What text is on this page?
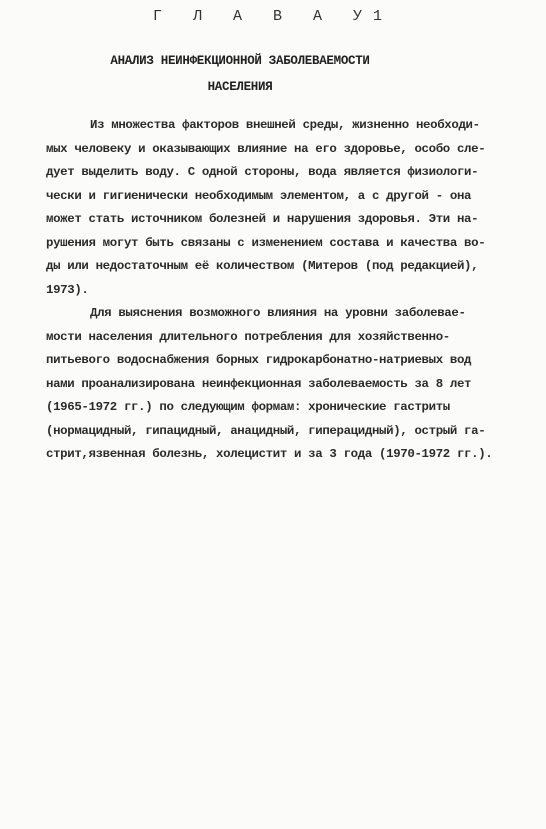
Г Л А В А У1
АНАЛИЗ НЕИНФЕКЦИОННОЙ ЗАБОЛЕВАЕМОСТИ
НАСЕЛЕНИЯ
Из множества факторов внешней среды, жизненно необходи-
мых человеку и оказывающих влияние на его здоровье, особо сле-
дует выделить воду. С одной стороны, вода является физиологи-
чески и гигиенически необходимым элементом, а с другой - она
может стать источником болезней и нарушения здоровья. Эти на-
рушения могут быть связаны с изменением состава и качества во-
ды или недостаточным её количеством (Митеров (под редакцией),
1973).
Для выяснения возможного влияния на уровни заболевае-
мости населения длительного потребления для хозяйственно-
питьевого водоснабжения борных гидрокарбонатно-натриевых вод
нами проанализирована неинфекционная заболеваемость за 8 лет
(1965-1972 гг.) по следующим формам: хронические гастриты
(нормацидный, гипацидный, анацидный, гиперацидный), острый га-
стрит,язвенная болезнь, холецистит и за 3 года (1970-1972 гг.).
